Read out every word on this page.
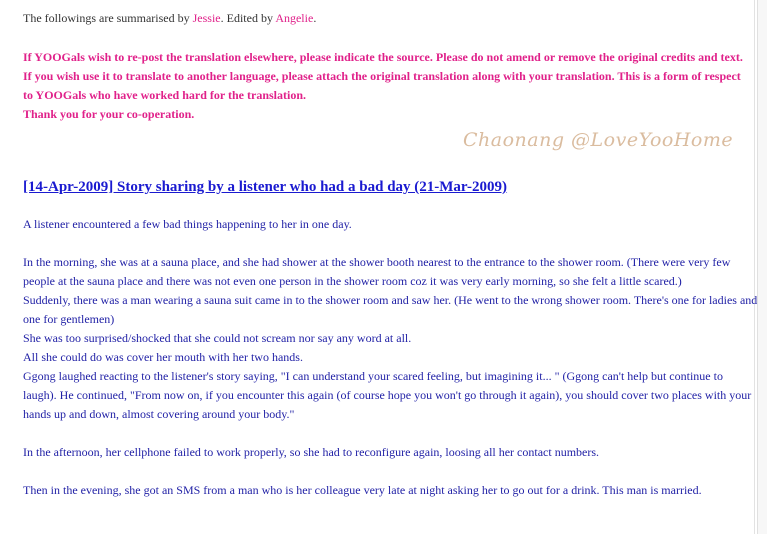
The followings are summarised by Jessie. Edited by Angelie.

If YOOGals wish to re-post the translation elsewhere, please indicate the source. Please do not amend or remove the original credits and text. If you wish use it to translate to another language, please attach the original translation along with your translation. This is a form of respect to YOOGals who have worked hard for the translation.

Thank you for your co-operation.

Chaonang @LoveYooHome
[14-Apr-2009] Story sharing by a listener who had a bad day (21-Mar-2009)

A listener encountered a few bad things happening to her in one day.

In the morning, she was at a sauna place, and she had shower at the shower booth nearest to the entrance to the shower room. (There were very few people at the sauna place and there was not even one person in the shower room coz it was very early morning, so she felt a little scared.)

Suddenly, there was a man wearing a sauna suit came in to the shower room and saw her. (He went to the wrong shower room. There's one for ladies and one for gentlemen)

She was too surprised/shocked that she could not scream nor say any word at all.

All she could do was cover her mouth with her two hands.

Ggong laughed reacting to the listener's story saying, "I can understand your scared feeling, but imagining it... " (Ggong can't help but continue to laugh). He continued, "From now on, if you encounter this again (of course hope you won't go through it again), you should cover two places with your hands up and down, almost covering around your body."

In the afternoon, her cellphone failed to work properly, so she had to reconfigure again, loosing all her contact numbers.

Then in the evening, she got an SMS from a man who is her colleague very late at night asking her to go out for a drink. This man is married.
